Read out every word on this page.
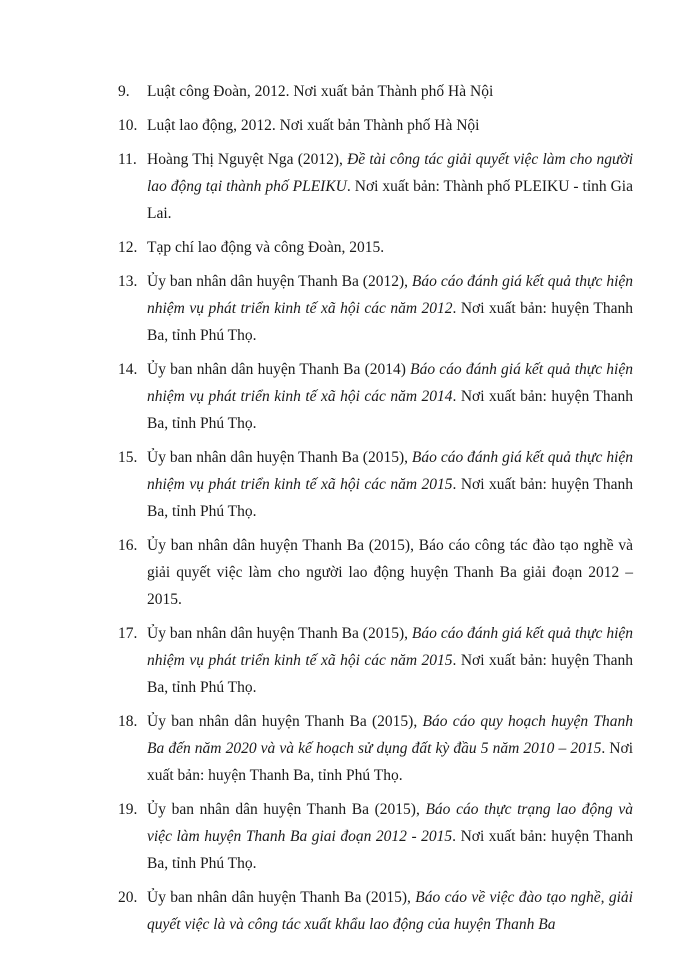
9. Luật công Đoàn, 2012. Nơi xuất bản Thành phố Hà Nội
10. Luật lao động, 2012. Nơi xuất bản Thành phố Hà Nội
11. Hoàng Thị Nguyệt Nga (2012), Đề tài công tác giải quyết việc làm cho người lao động tại thành phố PLEIKU. Nơi xuất bản: Thành phố PLEIKU - tỉnh Gia Lai.
12. Tạp chí lao động và công Đoàn, 2015.
13. Ủy ban nhân dân huyện Thanh Ba (2012), Báo cáo đánh giá kết quả thực hiện nhiệm vụ phát triển kinh tế xã hội các năm 2012. Nơi xuất bản: huyện Thanh Ba, tỉnh Phú Thọ.
14. Ủy ban nhân dân huyện Thanh Ba (2014) Báo cáo đánh giá kết quả thực hiện nhiệm vụ phát triển kinh tế xã hội các năm 2014. Nơi xuất bản: huyện Thanh Ba, tỉnh Phú Thọ.
15. Ủy ban nhân dân huyện Thanh Ba (2015), Báo cáo đánh giá kết quả thực hiện nhiệm vụ phát triển kinh tế xã hội các năm 2015. Nơi xuất bản: huyện Thanh Ba, tỉnh Phú Thọ.
16. Ủy ban nhân dân huyện Thanh Ba (2015), Báo cáo công tác đào tạo nghề và giải quyết việc làm cho người lao động huyện Thanh Ba giải đoạn 2012 – 2015.
17. Ủy ban nhân dân huyện Thanh Ba (2015), Báo cáo đánh giá kết quả thực hiện nhiệm vụ phát triển kinh tế xã hội các năm 2015. Nơi xuất bản: huyện Thanh Ba, tỉnh Phú Thọ.
18. Ủy ban nhân dân huyện Thanh Ba (2015), Báo cáo quy hoạch huyện Thanh Ba đến năm 2020 và và kế hoạch sử dụng đất kỳ đầu 5 năm 2010 – 2015. Nơi xuất bản: huyện Thanh Ba, tỉnh Phú Thọ.
19. Ủy ban nhân dân huyện Thanh Ba (2015), Báo cáo thực trạng lao động và việc làm huyện Thanh Ba giai đoạn 2012 - 2015. Nơi xuất bản: huyện Thanh Ba, tỉnh Phú Thọ.
20. Ủy ban nhân dân huyện Thanh Ba (2015), Báo cáo về việc đào tạo nghề, giải quyết việc là và công tác xuất khẩu lao động của huyện Thanh Ba
